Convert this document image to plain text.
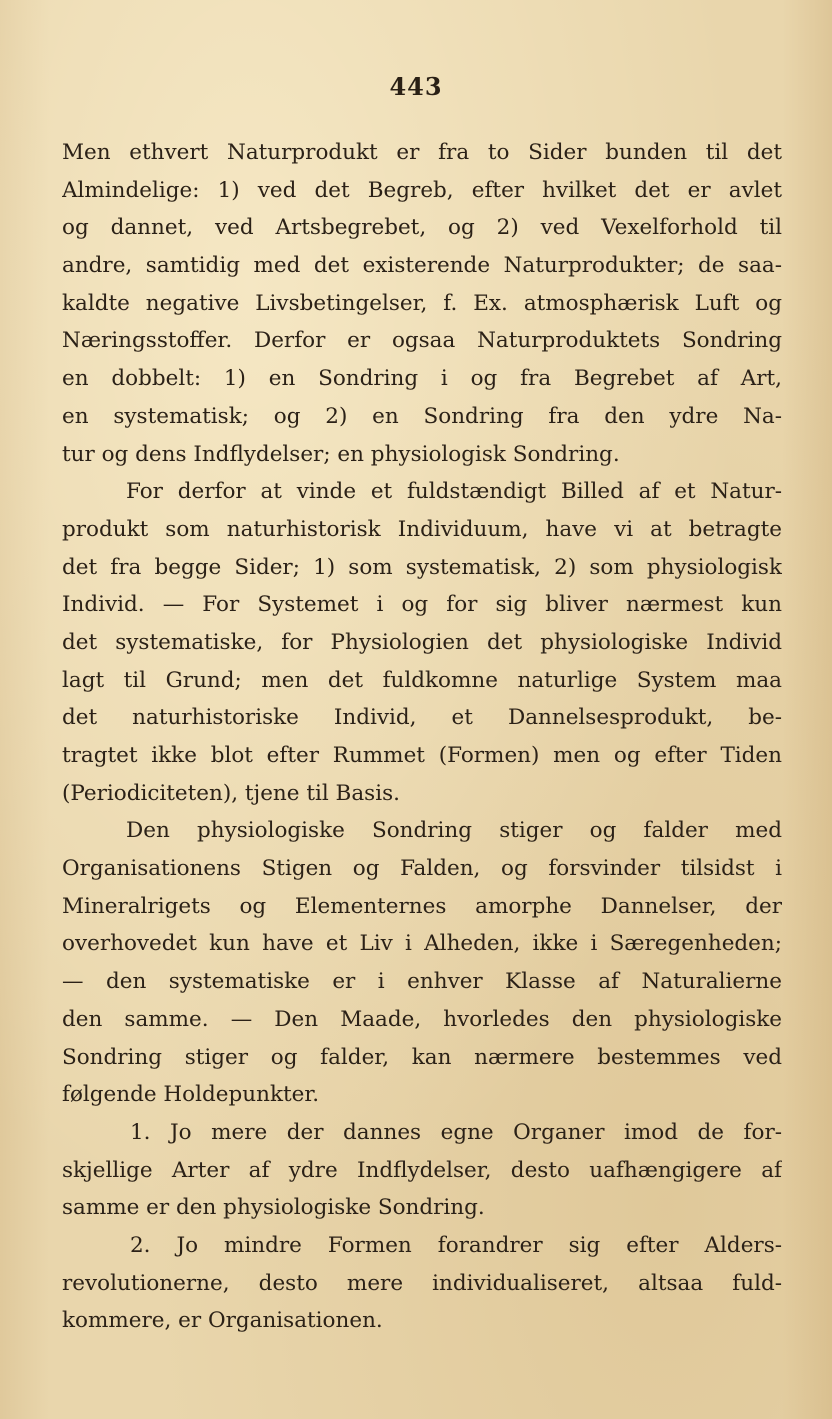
443
Men ethvert Naturprodukt er fra to Sider bunden til det
Almindelige: 1) ved det Begreb, efter hvilket det er avlet
og dannet, ved Artsbegrebet, og 2) ved Vexelforhold til
andre, samtidig med det existerende Naturprodukter; de saa-
kaldte negative Livsbetingelser, f. Ex. atmosphærisk Luft og
Næringsstoffer. Derfor er ogsaa Naturproduktets Sondring
en dobbelt: 1) en Sondring i og fra Begrebet af Art,
en systematisk; og 2) en Sondring fra den ydre Na-
tur og dens Indflydelser; en physiologisk Sondring.
For derfor at vinde et fuldstændigt Billed af et Natur-
produkt som naturhistorisk Individuum, have vi at betragte
det fra begge Sider; 1) som systematisk, 2) som physiologisk
Individ. — For Systemet i og for sig bliver nærmest kun
det systematiske, for Physiologien det physiologiske Individ
lagt til Grund; men det fuldkomne naturlige System maa
det naturhistoriske Individ, et Dannelsesprodukt, be-
tragtet ikke blot efter Rummet (Formen) men og efter Tiden
(Periodiciteten), tjene til Basis.
Den physiologiske Sondring stiger og falder med
Organisationens Stigen og Falden, og forsvinder tilsidst i
Mineralrigets og Elementernes amorphe Dannelser, der
overhovedet kun have et Liv i Alheden, ikke i Særegenheden;
— den systematiske er i enhver Klasse af Naturalierne
den samme. — Den Maade, hvorledes den physiologiske
Sondring stiger og falder, kan nærmere bestemmes ved
følgende Holdepunkter.
1. Jo mere der dannes egne Organer imod de for-
skjellige Arter af ydre Indflydelser, desto uafhængigere af
samme er den physiologiske Sondring.
2. Jo mindre Formen forandrer sig efter Alders-
revolutionerne, desto mere individualiseret, altsaa fuld-
kommere, er Organisationen.
